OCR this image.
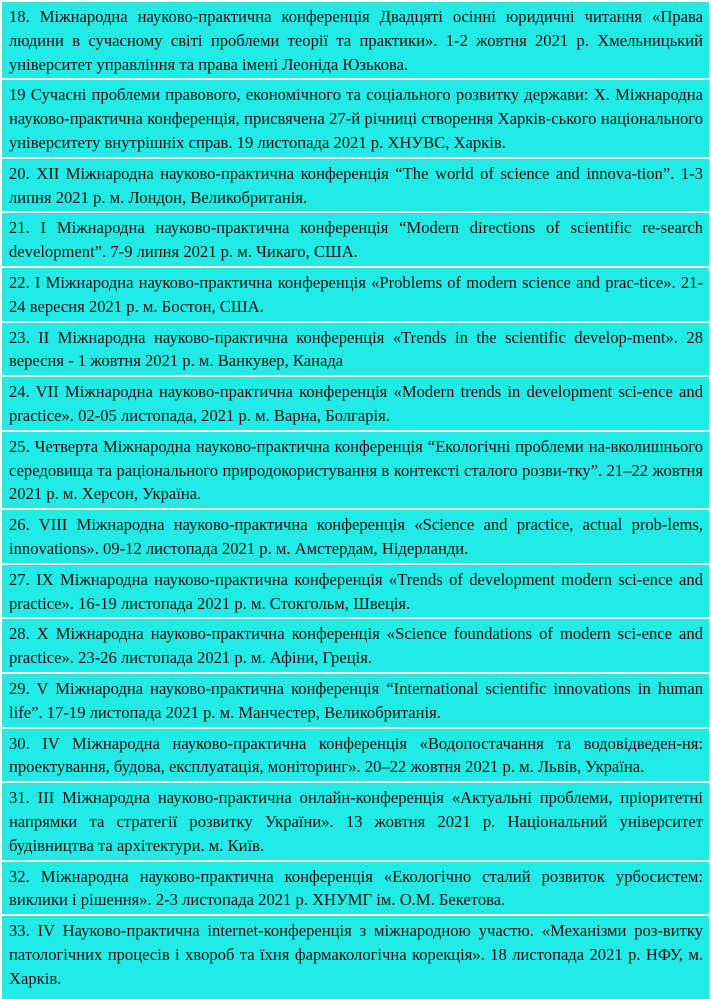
18. Міжнародна науково-практична конференція Двадцяті осінні юридичні читання «Права людини в сучасному світі проблеми теорії та практики». 1-2 жовтня 2021 р. Хмельницький університет управління та права імені Леоніда Юзькова.
19 Сучасні проблеми правового, економічного та соціального розвитку держави: Х. Міжнародна науково-практична конференція, присвячена 27-й річниці створення Харків-ського національного університету внутрішніх справ. 19 листопада 2021 р. ХНУВС, Харків.
20. XII Міжнародна науково-практична конференція “The world of science and innova-tion”. 1-3 липня 2021 р. м. Лондон, Великобританія.
21. I Міжнародна науково-практична конференція “Modern directions of scientific re-search development”. 7-9 липня 2021 р. м. Чикаго, США.
22. I Міжнародна науково-практична конференція «Problems of modern science and prac-tice». 21-24 вересня 2021 р. м. Бостон, США.
23. II Міжнародна науково-практична конференція «Trends in the scientific develop-ment». 28 вересня - 1 жовтня 2021 р. м. Ванкувер, Канада
24. VII Міжнародна науково-практична конференція «Modern trends in development sci-ence and practice». 02-05 листопада, 2021 р. м. Варна, Болгарія.
25. Четверта Міжнародна науково-практична конференція “Екологічні проблеми на-вколишнього середовища та раціонального природокористування в контексті сталого розви-тку”. 21–22 жовтня 2021 р. м. Херсон, Україна.
26. VIII Міжнародна науково-практична конференція «Science and practice, actual prob-lems, innovations». 09-12 листопада 2021 р. м. Амстердам, Нідерланди.
27. IX Міжнародна науково-практична конференція «Trends of development modern sci-ence and practice». 16-19 листопада 2021 р. м. Стокгольм, Швеція.
28. X Міжнародна науково-практична конференція «Science foundations of modern sci-ence and practice». 23-26 листопада 2021 р. м. Афіни, Греція.
29. V Міжнародна науково-практична конференція “International scientific innovations in human life”. 17-19 листопада 2021 р. м. Манчестер, Великобританія.
30. IV Міжнародна науково-практична конференція «Водопостачання та водовідведен-ня: проектування, будова, експлуатація, моніторинг». 20–22 жовтня 2021 р. м. Львів, Україна.
31. III Міжнародна науково-практична онлайн-конференція «Актуальні проблеми, пріоритетні напрямки та стратегії розвитку України». 13 жовтня 2021 р. Національний університет будівництва та архітектури. м. Київ.
32. Міжнародна науково-практична конференція «Екологічно сталий розвиток урбосистем: виклики і рішення». 2-3 листопада 2021 р. ХНУМГ ім. О.М. Бекетова.
33. IV Науково-практична internet-конференція з міжнародною участю. «Механізми роз-витку патологічних процесів і хвороб та їхня фармакологічна корекція». 18 листопада 2021 р. НФУ, м. Харків.
